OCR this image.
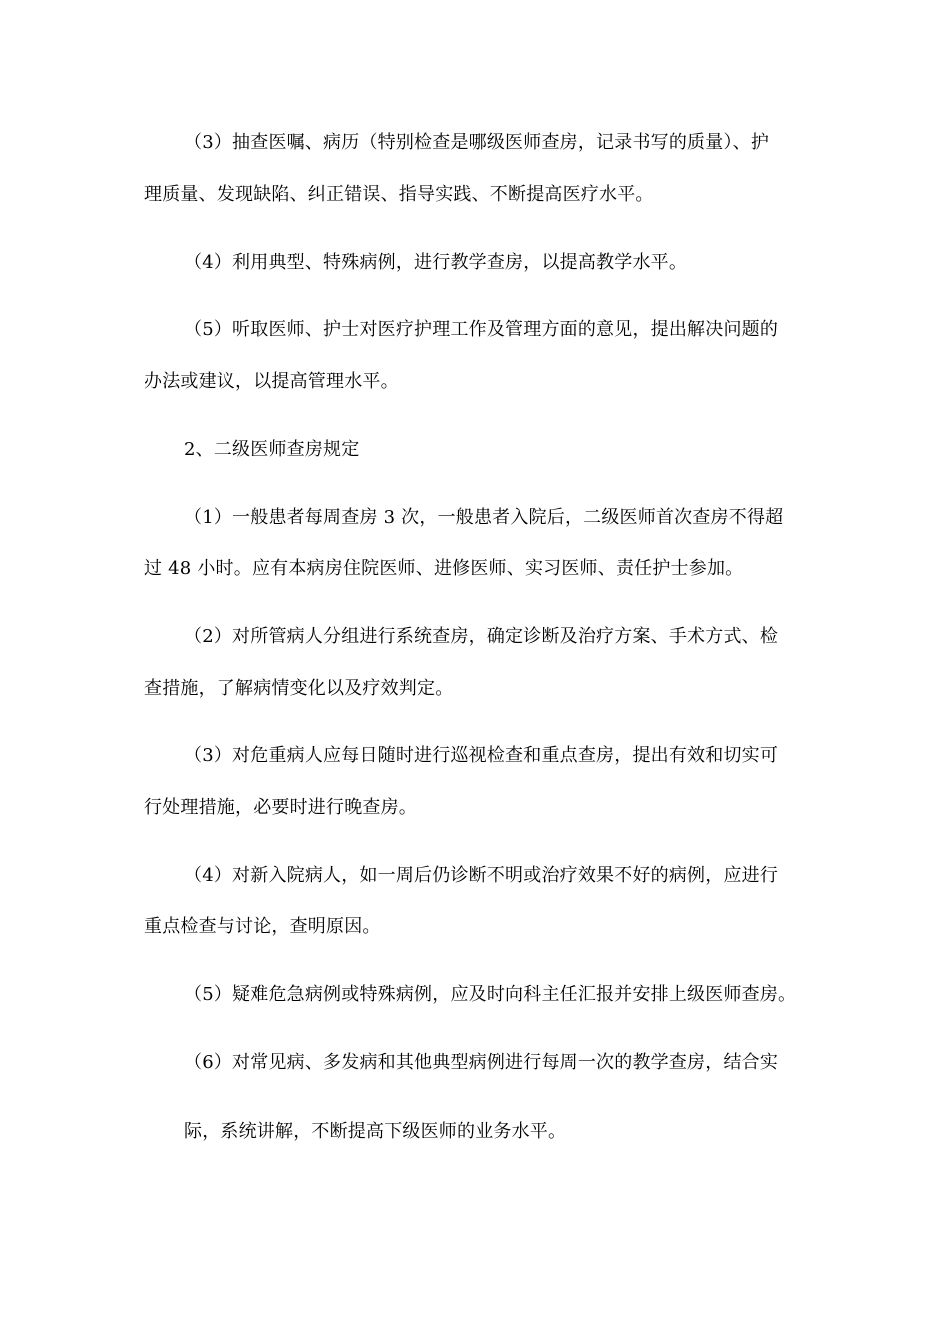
（3）抽查医嘱、病历（特别检查是哪级医师查房，记录书写的质量）、护
理质量、发现缺陷、纠正错误、指导实践、不断提高医疗水平。
（4）利用典型、特殊病例，进行教学查房，以提高教学水平。
（5）听取医师、护士对医疗护理工作及管理方面的意见，提出解决问题的
办法或建议，以提高管理水平。
2、二级医师查房规定
（1）一般患者每周查房 3 次，一般患者入院后，二级医师首次查房不得超
过 48 小时。应有本病房住院医师、进修医师、实习医师、责任护士参加。
（2）对所管病人分组进行系统查房，确定诊断及治疗方案、手术方式、检
查措施，了解病情变化以及疗效判定。
（3）对危重病人应每日随时进行巡视检查和重点查房，提出有效和切实可
行处理措施，必要时进行晚查房。
（4）对新入院病人，如一周后仍诊断不明或治疗效果不好的病例，应进行
重点检查与讨论，查明原因。
（5）疑难危急病例或特殊病例，应及时向科主任汇报并安排上级医师查房。
（6）对常见病、多发病和其他典型病例进行每周一次的教学查房，结合实
际，系统讲解，不断提高下级医师的业务水平。
